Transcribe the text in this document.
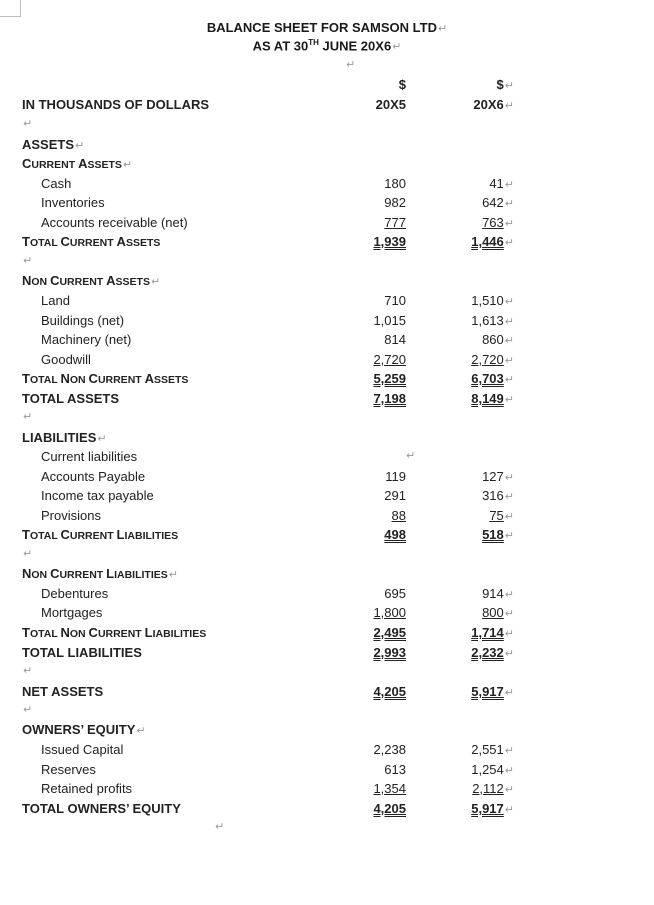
BALANCE SHEET FOR SAMSON LTD↵
AS AT 30TH JUNE 20X6↵
↵
$	$↵
IN THOUSANDS OF DOLLARS	20X5	20X6↵
↵
ASSETS↵
CURRENT ASSETS↵
Cash	180	41↵
Inventories	982	642↵
Accounts receivable (net)	777	763↵
TOTAL CURRENT ASSETS	1,939	1,446↵
↵
NON CURRENT ASSETS↵
Land	710	1,510↵
Buildings (net)	1,015	1,613↵
Machinery (net)	814	860↵
Goodwill	2,720	2,720↵
TOTAL NON CURRENT ASSETS	5,259	6,703↵
TOTAL ASSETS	7,198	8,149↵
↵
LIABILITIES↵
Current liabilities	↵
Accounts Payable	119	127↵
Income tax payable	291	316↵
Provisions	88	75↵
TOTAL CURRENT LIABILITIES	498	518↵
↵
NON CURRENT LIABILITIES↵
Debentures	695	914↵
Mortgages	1,800	800↵
TOTAL NON CURRENT LIABILITIES	2,495	1,714↵
TOTAL LIABILITIES	2,993	2,232↵
↵
NET ASSETS	4,205	5,917↵
↵
OWNERS’ EQUITY↵
Issued Capital	2,238	2,551↵
Reserves	613	1,254↵
Retained profits	1,354	2,112↵
TOTAL OWNERS’ EQUITY	4,205	5,917↵
↵
